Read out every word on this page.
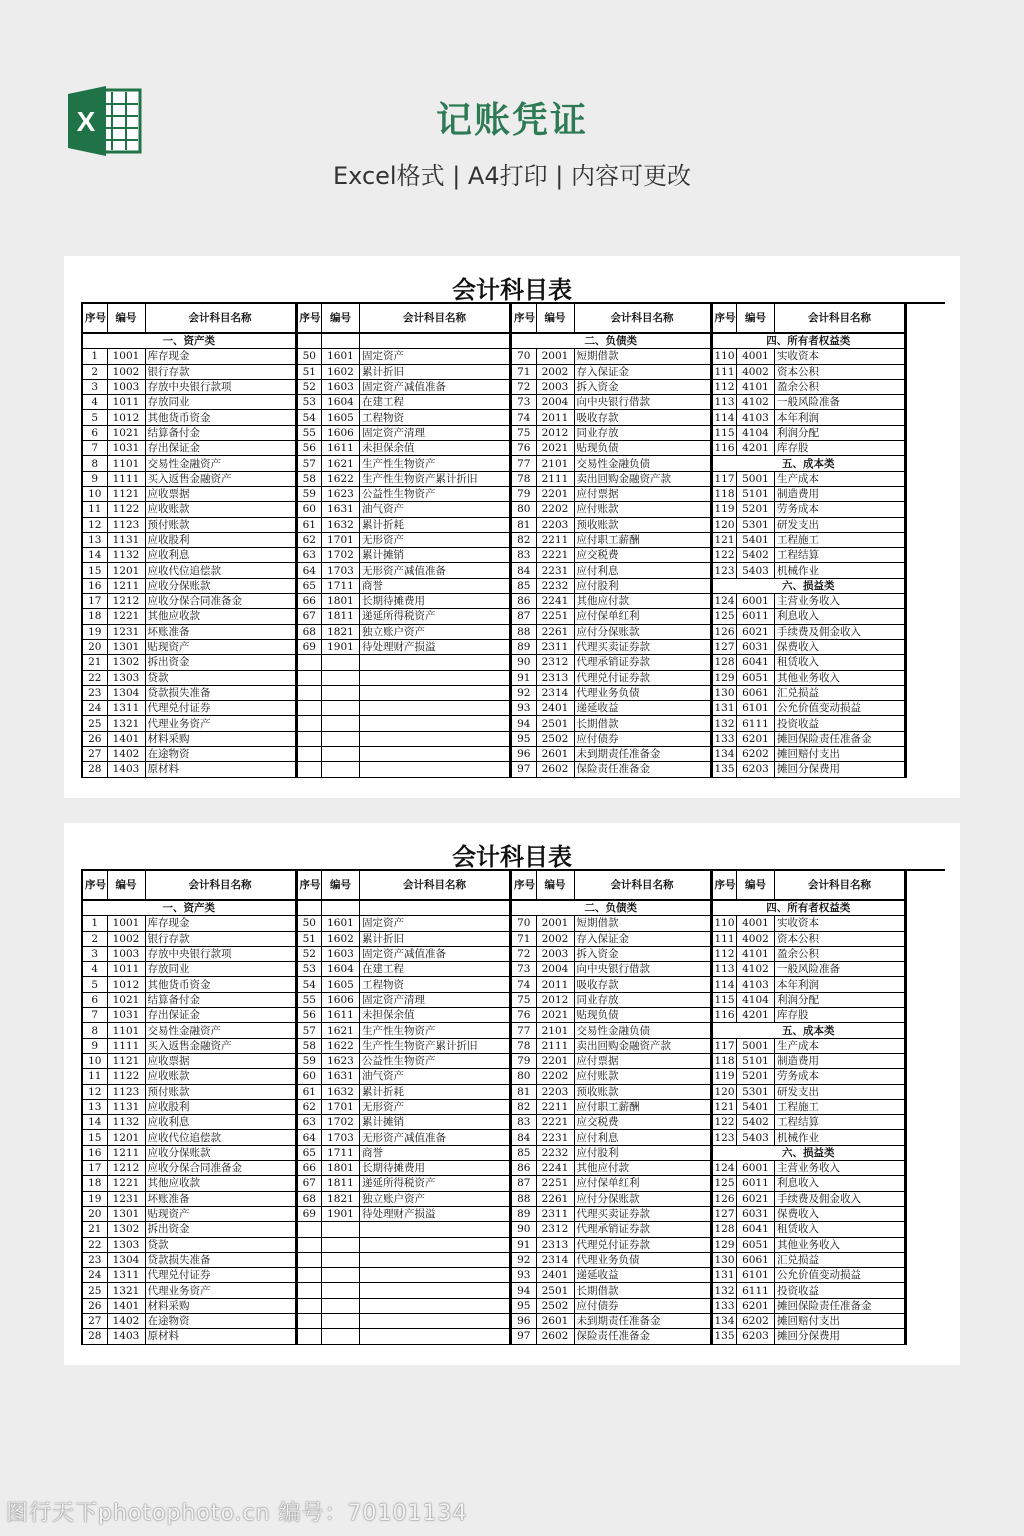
X	记账凭证
Excel格式 | A4打印 | 内容可更改
会计科目表
序号	编号	会计科目名称
一、资产类		
1	1001	库存现金
2	1002	银行存款
3	1003	存放中央银行款项
4	1011	存放同业
5	1012	其他货币资金
6	1021	结算备付金
7	1031	存出保证金
8	1101	交易性金融资产
9	1111	买入返售金融资产
10	1121	应收票据
11	1122	应收账款
12	1123	预付账款
13	1131	应收股利
14	1132	应收利息
15	1201	应收代位追偿款
16	1211	应收分保账款
17	1212	应收分保合同准备金
18	1221	其他应收款
19	1231	坏账准备
20	1301	贴现资产
21	1302	拆出资金
22	1303	贷款
23	1304	贷款损失准备
24	1311	代理兑付证券
25	1321	代理业务资产
26	1401	材料采购
27	1402	在途物资
28	1403	原材料
序号	编号	会计科目名称

50	1601	固定资产
51	1602	累计折旧
52	1603	固定资产减值准备
53	1604	在建工程
54	1605	工程物资
55	1606	固定资产清理
56	1611	未担保余值
57	1621	生产性生物资产
58	1622	生产性生物资产累计折旧
59	1623	公益性生物资产
60	1631	油气资产
61	1632	累计折耗
62	1701	无形资产
63	1702	累计摊销
64	1703	无形资产减值准备
65	1711	商誉
66	1801	长期待摊费用
67	1811	递延所得税资产
68	1821	独立账户资产
69	1901	待处理财产损溢

序号	编号	会计科目名称
二、负债类		
70	2001	短期借款
71	2002	存入保证金
72	2003	拆入资金
73	2004	向中央银行借款
74	2011	吸收存款
75	2012	同业存放
76	2021	贴现负债
77	2101	交易性金融负债
78	2111	卖出回购金融资产款
79	2201	应付票据
80	2202	应付账款
81	2203	预收账款
82	2211	应付职工薪酬
83	2221	应交税费
84	2231	应付利息
85	2232	应付股利
86	2241	其他应付款
87	2251	应付保单红利
88	2261	应付分保账款
89	2311	代理买卖证券款
90	2312	代理承销证券款
91	2313	代理兑付证券款
92	2314	代理业务负债
93	2401	递延收益
94	2501	长期借款
95	2502	应付债券
96	2601	未到期责任准备金
97	2602	保险责任准备金
序号	编号	会计科目名称
四、所有者权益类		
110	4001	实收资本
111	4002	资本公积
112	4101	盈余公积
113	4102	一般风险准备
114	4103	本年利润
115	4104	利润分配
116	4201	库存股
五、成本类		
117	5001	生产成本
118	5101	制造费用
119	5201	劳务成本
120	5301	研发支出
121	5401	工程施工
122	5402	工程结算
123	5403	机械作业
六、损益类		
124	6001	主营业务收入
125	6011	利息收入
126	6021	手续费及佣金收入
127	6031	保费收入
128	6041	租赁收入
129	6051	其他业务收入
130	6061	汇兑损益
131	6101	公允价值变动损益
132	6111	投资收益
133	6201	摊回保险责任准备金
134	6202	摊回赔付支出
135	6203	摊回分保费用
会计科目表
序号	编号	会计科目名称
一、资产类		
1	1001	库存现金
2	1002	银行存款
3	1003	存放中央银行款项
4	1011	存放同业
5	1012	其他货币资金
6	1021	结算备付金
7	1031	存出保证金
8	1101	交易性金融资产
9	1111	买入返售金融资产
10	1121	应收票据
11	1122	应收账款
12	1123	预付账款
13	1131	应收股利
14	1132	应收利息
15	1201	应收代位追偿款
16	1211	应收分保账款
17	1212	应收分保合同准备金
18	1221	其他应收款
19	1231	坏账准备
20	1301	贴现资产
21	1302	拆出资金
22	1303	贷款
23	1304	贷款损失准备
24	1311	代理兑付证券
25	1321	代理业务资产
26	1401	材料采购
27	1402	在途物资
28	1403	原材料
序号	编号	会计科目名称

50	1601	固定资产
51	1602	累计折旧
52	1603	固定资产减值准备
53	1604	在建工程
54	1605	工程物资
55	1606	固定资产清理
56	1611	未担保余值
57	1621	生产性生物资产
58	1622	生产性生物资产累计折旧
59	1623	公益性生物资产
60	1631	油气资产
61	1632	累计折耗
62	1701	无形资产
63	1702	累计摊销
64	1703	无形资产减值准备
65	1711	商誉
66	1801	长期待摊费用
67	1811	递延所得税资产
68	1821	独立账户资产
69	1901	待处理财产损溢

序号	编号	会计科目名称
二、负债类		
70	2001	短期借款
71	2002	存入保证金
72	2003	拆入资金
73	2004	向中央银行借款
74	2011	吸收存款
75	2012	同业存放
76	2021	贴现负债
77	2101	交易性金融负债
78	2111	卖出回购金融资产款
79	2201	应付票据
80	2202	应付账款
81	2203	预收账款
82	2211	应付职工薪酬
83	2221	应交税费
84	2231	应付利息
85	2232	应付股利
86	2241	其他应付款
87	2251	应付保单红利
88	2261	应付分保账款
89	2311	代理买卖证券款
90	2312	代理承销证券款
91	2313	代理兑付证券款
92	2314	代理业务负债
93	2401	递延收益
94	2501	长期借款
95	2502	应付债券
96	2601	未到期责任准备金
97	2602	保险责任准备金
序号	编号	会计科目名称
四、所有者权益类		
110	4001	实收资本
111	4002	资本公积
112	4101	盈余公积
113	4102	一般风险准备
114	4103	本年利润
115	4104	利润分配
116	4201	库存股
五、成本类		
117	5001	生产成本
118	5101	制造费用
119	5201	劳务成本
120	5301	研发支出
121	5401	工程施工
122	5402	工程结算
123	5403	机械作业
六、损益类		
124	6001	主营业务收入
125	6011	利息收入
126	6021	手续费及佣金收入
127	6031	保费收入
128	6041	租赁收入
129	6051	其他业务收入
130	6061	汇兑损益
131	6101	公允价值变动损益
132	6111	投资收益
133	6201	摊回保险责任准备金
134	6202	摊回赔付支出
135	6203	摊回分保费用
图行天下photophoto.cn 编号：70101134
